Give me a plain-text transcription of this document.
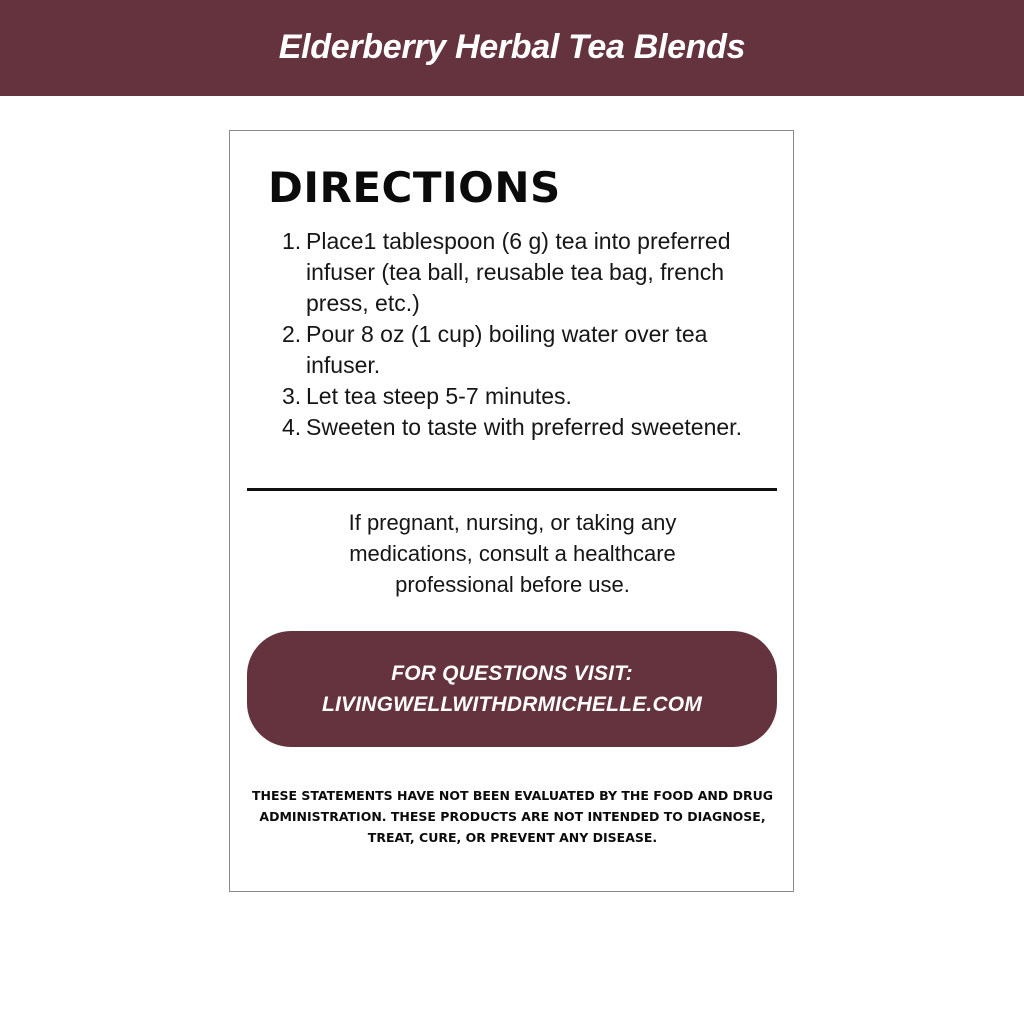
Elderberry Herbal Tea Blends
DIRECTIONS
1. Place1 tablespoon (6 g) tea into preferred infuser (tea ball, reusable tea bag, french press, etc.)
2. Pour 8 oz (1 cup) boiling water over tea infuser.
3. Let tea steep 5-7 minutes.
4. Sweeten to taste with preferred sweetener.

If pregnant, nursing, or taking any medications, consult a healthcare professional before use.

FOR QUESTIONS VISIT:
LIVINGWELLWITHDRMICHELLE.COM

THESE STATEMENTS HAVE NOT BEEN EVALUATED BY THE FOOD AND DRUG ADMINISTRATION. THESE PRODUCTS ARE NOT INTENDED TO DIAGNOSE, TREAT, CURE, OR PREVENT ANY DISEASE.
